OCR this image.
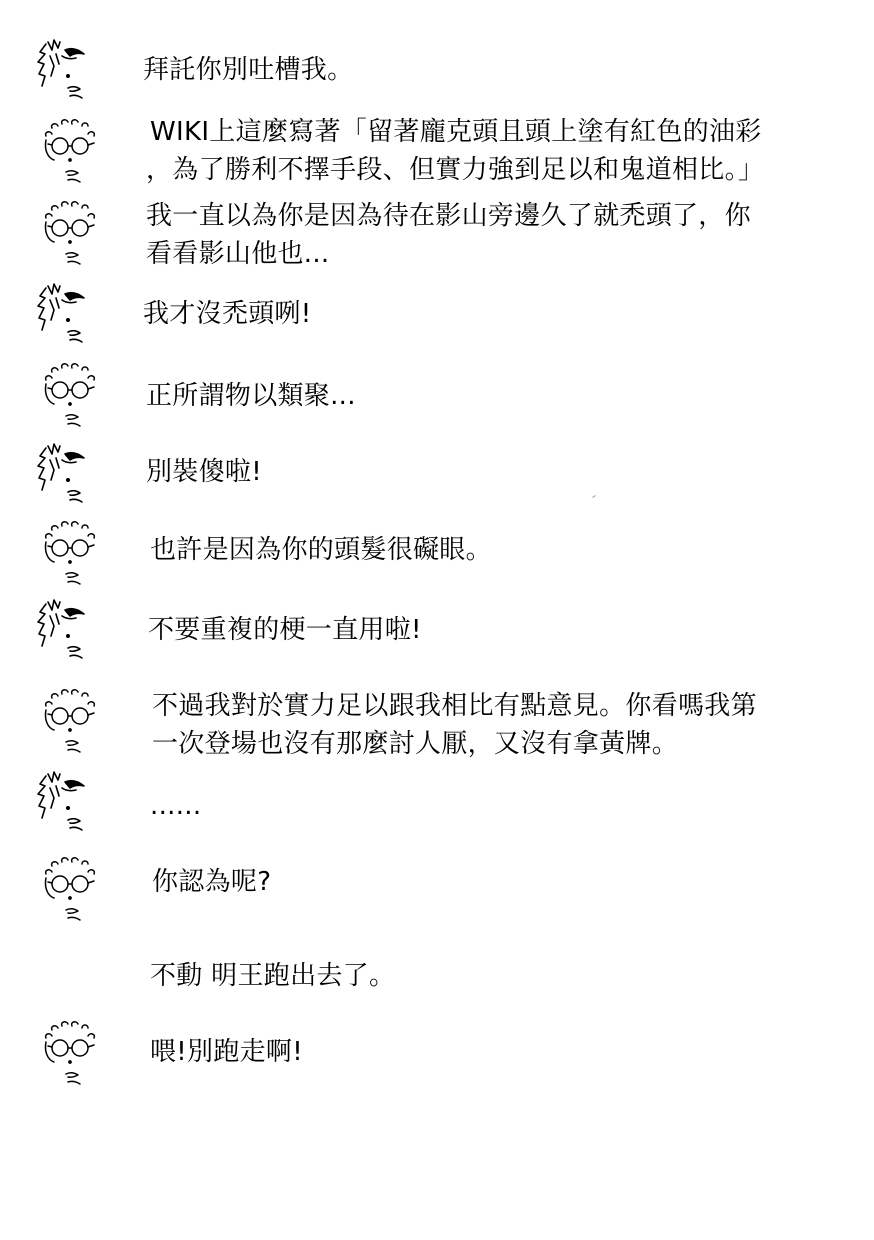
拜託你別吐槽我。
WIKI上這麼寫著「留著龐克頭且頭上塗有紅色的油彩
，為了勝利不擇手段、但實力強到足以和鬼道相比。」
我一直以為你是因為待在影山旁邊久了就禿頭了，你
看看影山他也...
我才沒禿頭咧!
正所謂物以類聚...
別裝傻啦!
也許是因為你的頭髮很礙眼。
不要重複的梗一直用啦!
不過我對於實力足以跟我相比有點意見。你看嗎我第
一次登場也沒有那麼討人厭，又沒有拿黃牌。
......
你認為呢?
不動 明王跑出去了。
喂!別跑走啊!
